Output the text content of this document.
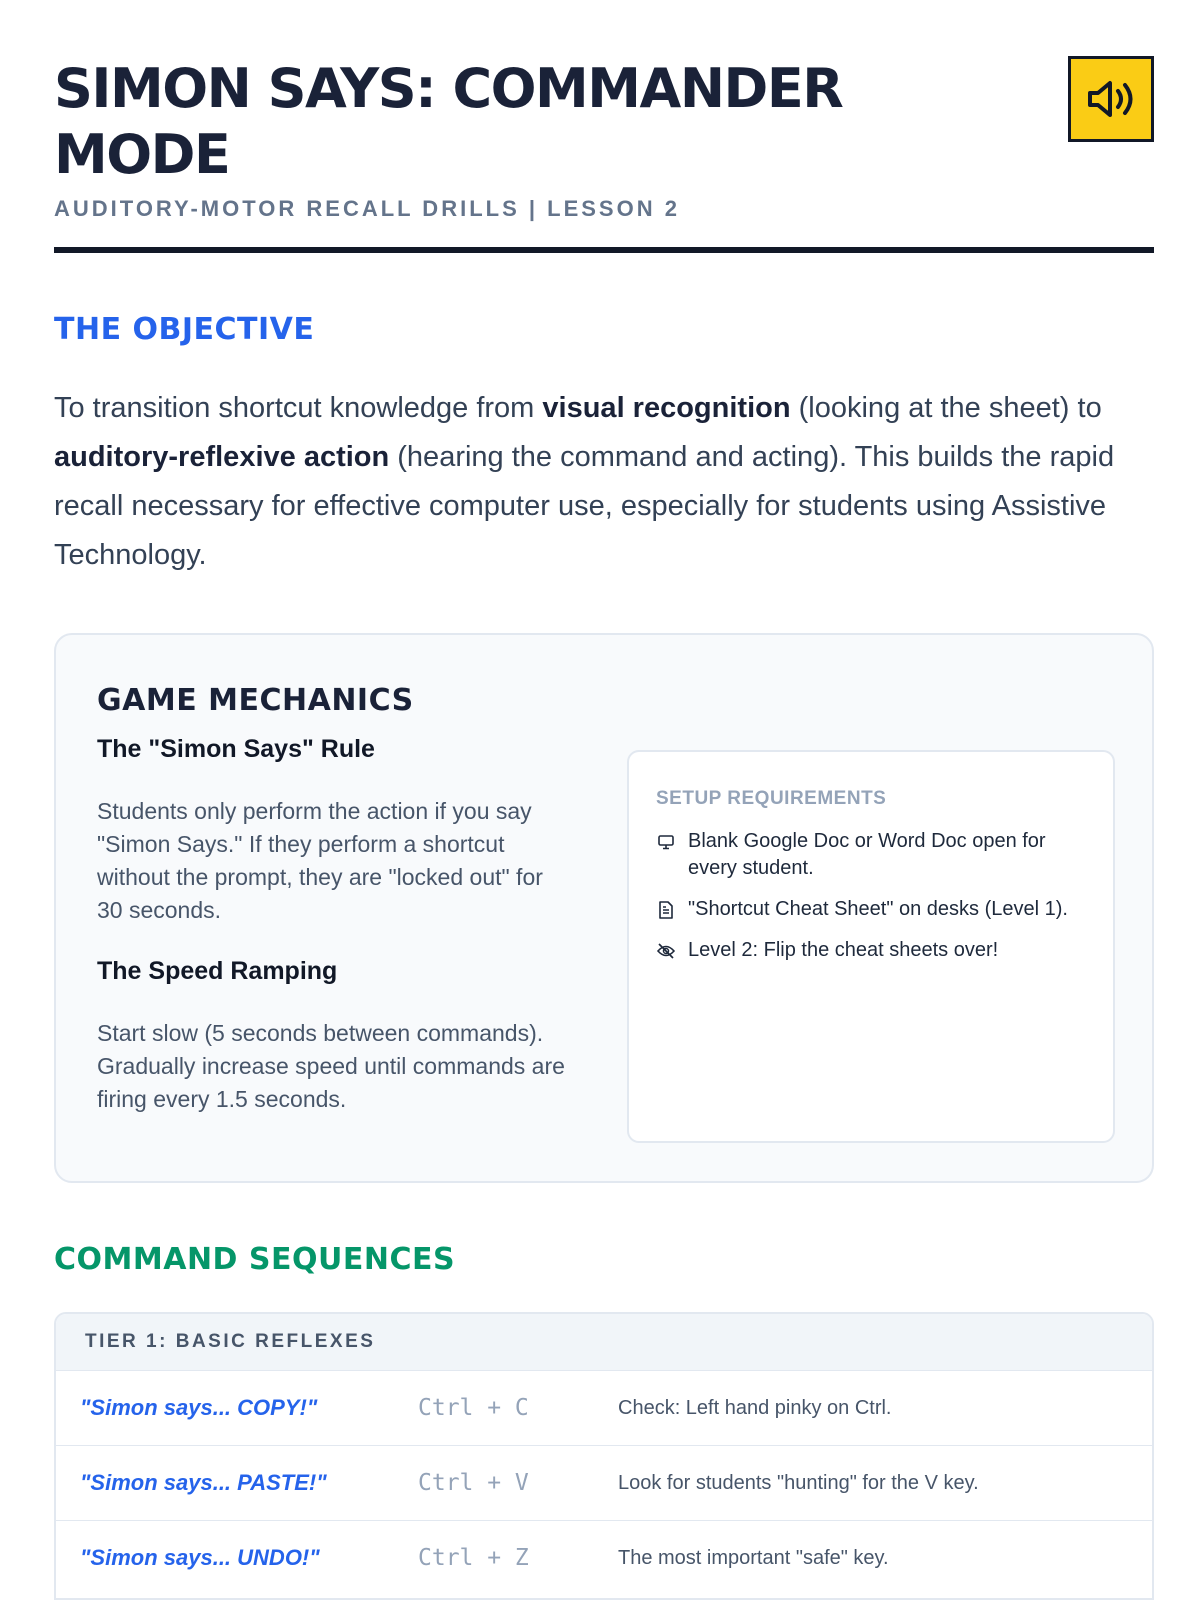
SIMON SAYS: COMMANDER MODE
AUDITORY-MOTOR RECALL DRILLS | LESSON 2
THE OBJECTIVE

To transition shortcut knowledge from visual recognition (looking at the sheet) to auditory-reflexive action (hearing the command and acting). This builds the rapid recall necessary for effective computer use, especially for students using Assistive Technology.

GAME MECHANICS
The "Simon Says" Rule

Students only perform the action if you say "Simon Says." If they perform a shortcut without the prompt, they are "locked out" for 30 seconds.

The Speed Ramping

Start slow (5 seconds between commands). Gradually increase speed until commands are firing every 1.5 seconds.

SETUP REQUIREMENTS
Blank Google Doc or Word Doc open for every student.
"Shortcut Cheat Sheet" on desks (Level 1).
Level 2: Flip the cheat sheets over!
COMMAND SEQUENCES
TIER 1: BASIC REFLEXES
"Simon says... COPY!"	Ctrl + C	Check: Left hand pinky on Ctrl.
"Simon says... PASTE!"	Ctrl + V	Look for students "hunting" for the V key.
"Simon says... UNDO!"	Ctrl + Z	The most important "safe" key.
